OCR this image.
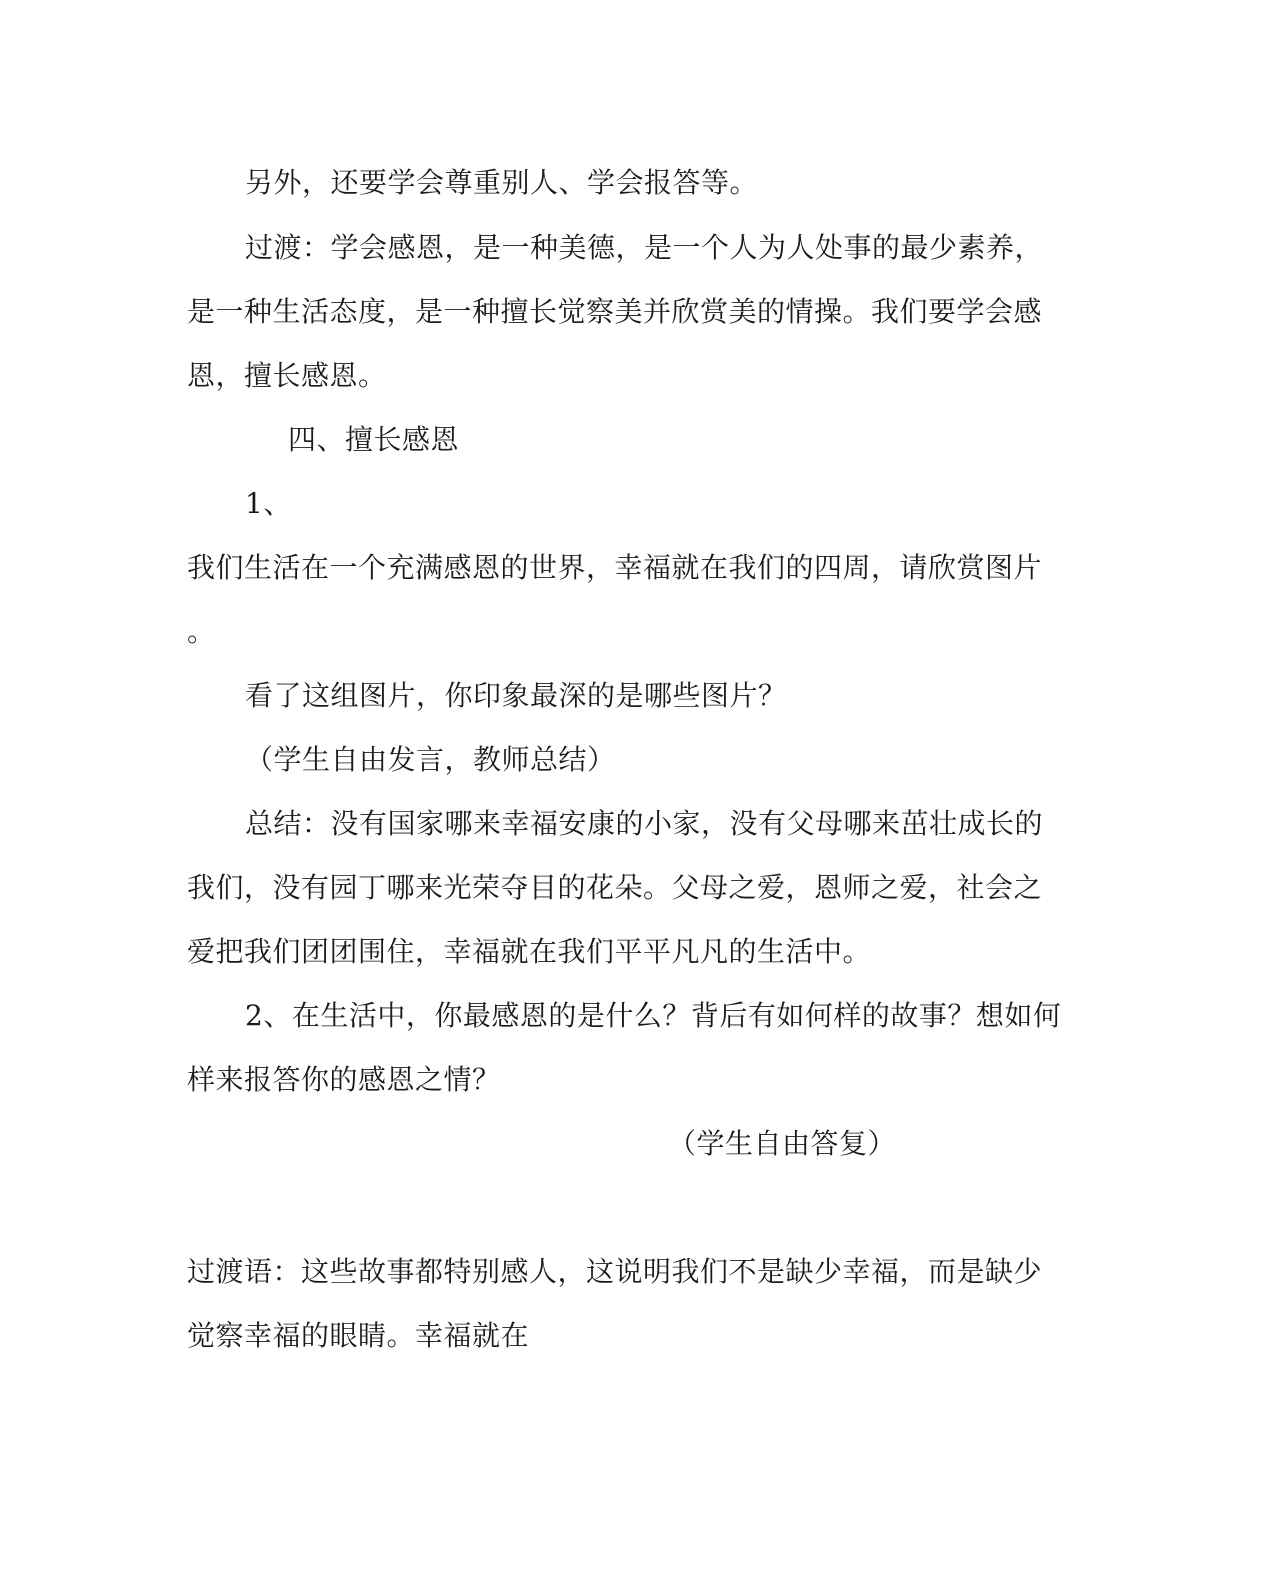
另外，还要学会尊重别人、学会报答等。
过渡：学会感恩，是一种美德，是一个人为人处事的最少素养，
是一种生活态度，是一种擅长觉察美并欣赏美的情操。我们要学会感
恩，擅长感恩。
四、擅长感恩
1、
我们生活在一个充满感恩的世界，幸福就在我们的四周，请欣赏图片
。
看了这组图片，你印象最深的是哪些图片？
（学生自由发言，教师总结）
总结：没有国家哪来幸福安康的小家，没有父母哪来茁壮成长的
我们，没有园丁哪来光荣夺目的花朵。父母之爱，恩师之爱，社会之
爱把我们团团围住，幸福就在我们平平凡凡的生活中。
2、在生活中，你最感恩的是什么？背后有如何样的故事？想如何
样来报答你的感恩之情？
（学生自由答复）
过渡语：这些故事都特别感人，这说明我们不是缺少幸福，而是缺少
觉察幸福的眼睛。幸福就在
